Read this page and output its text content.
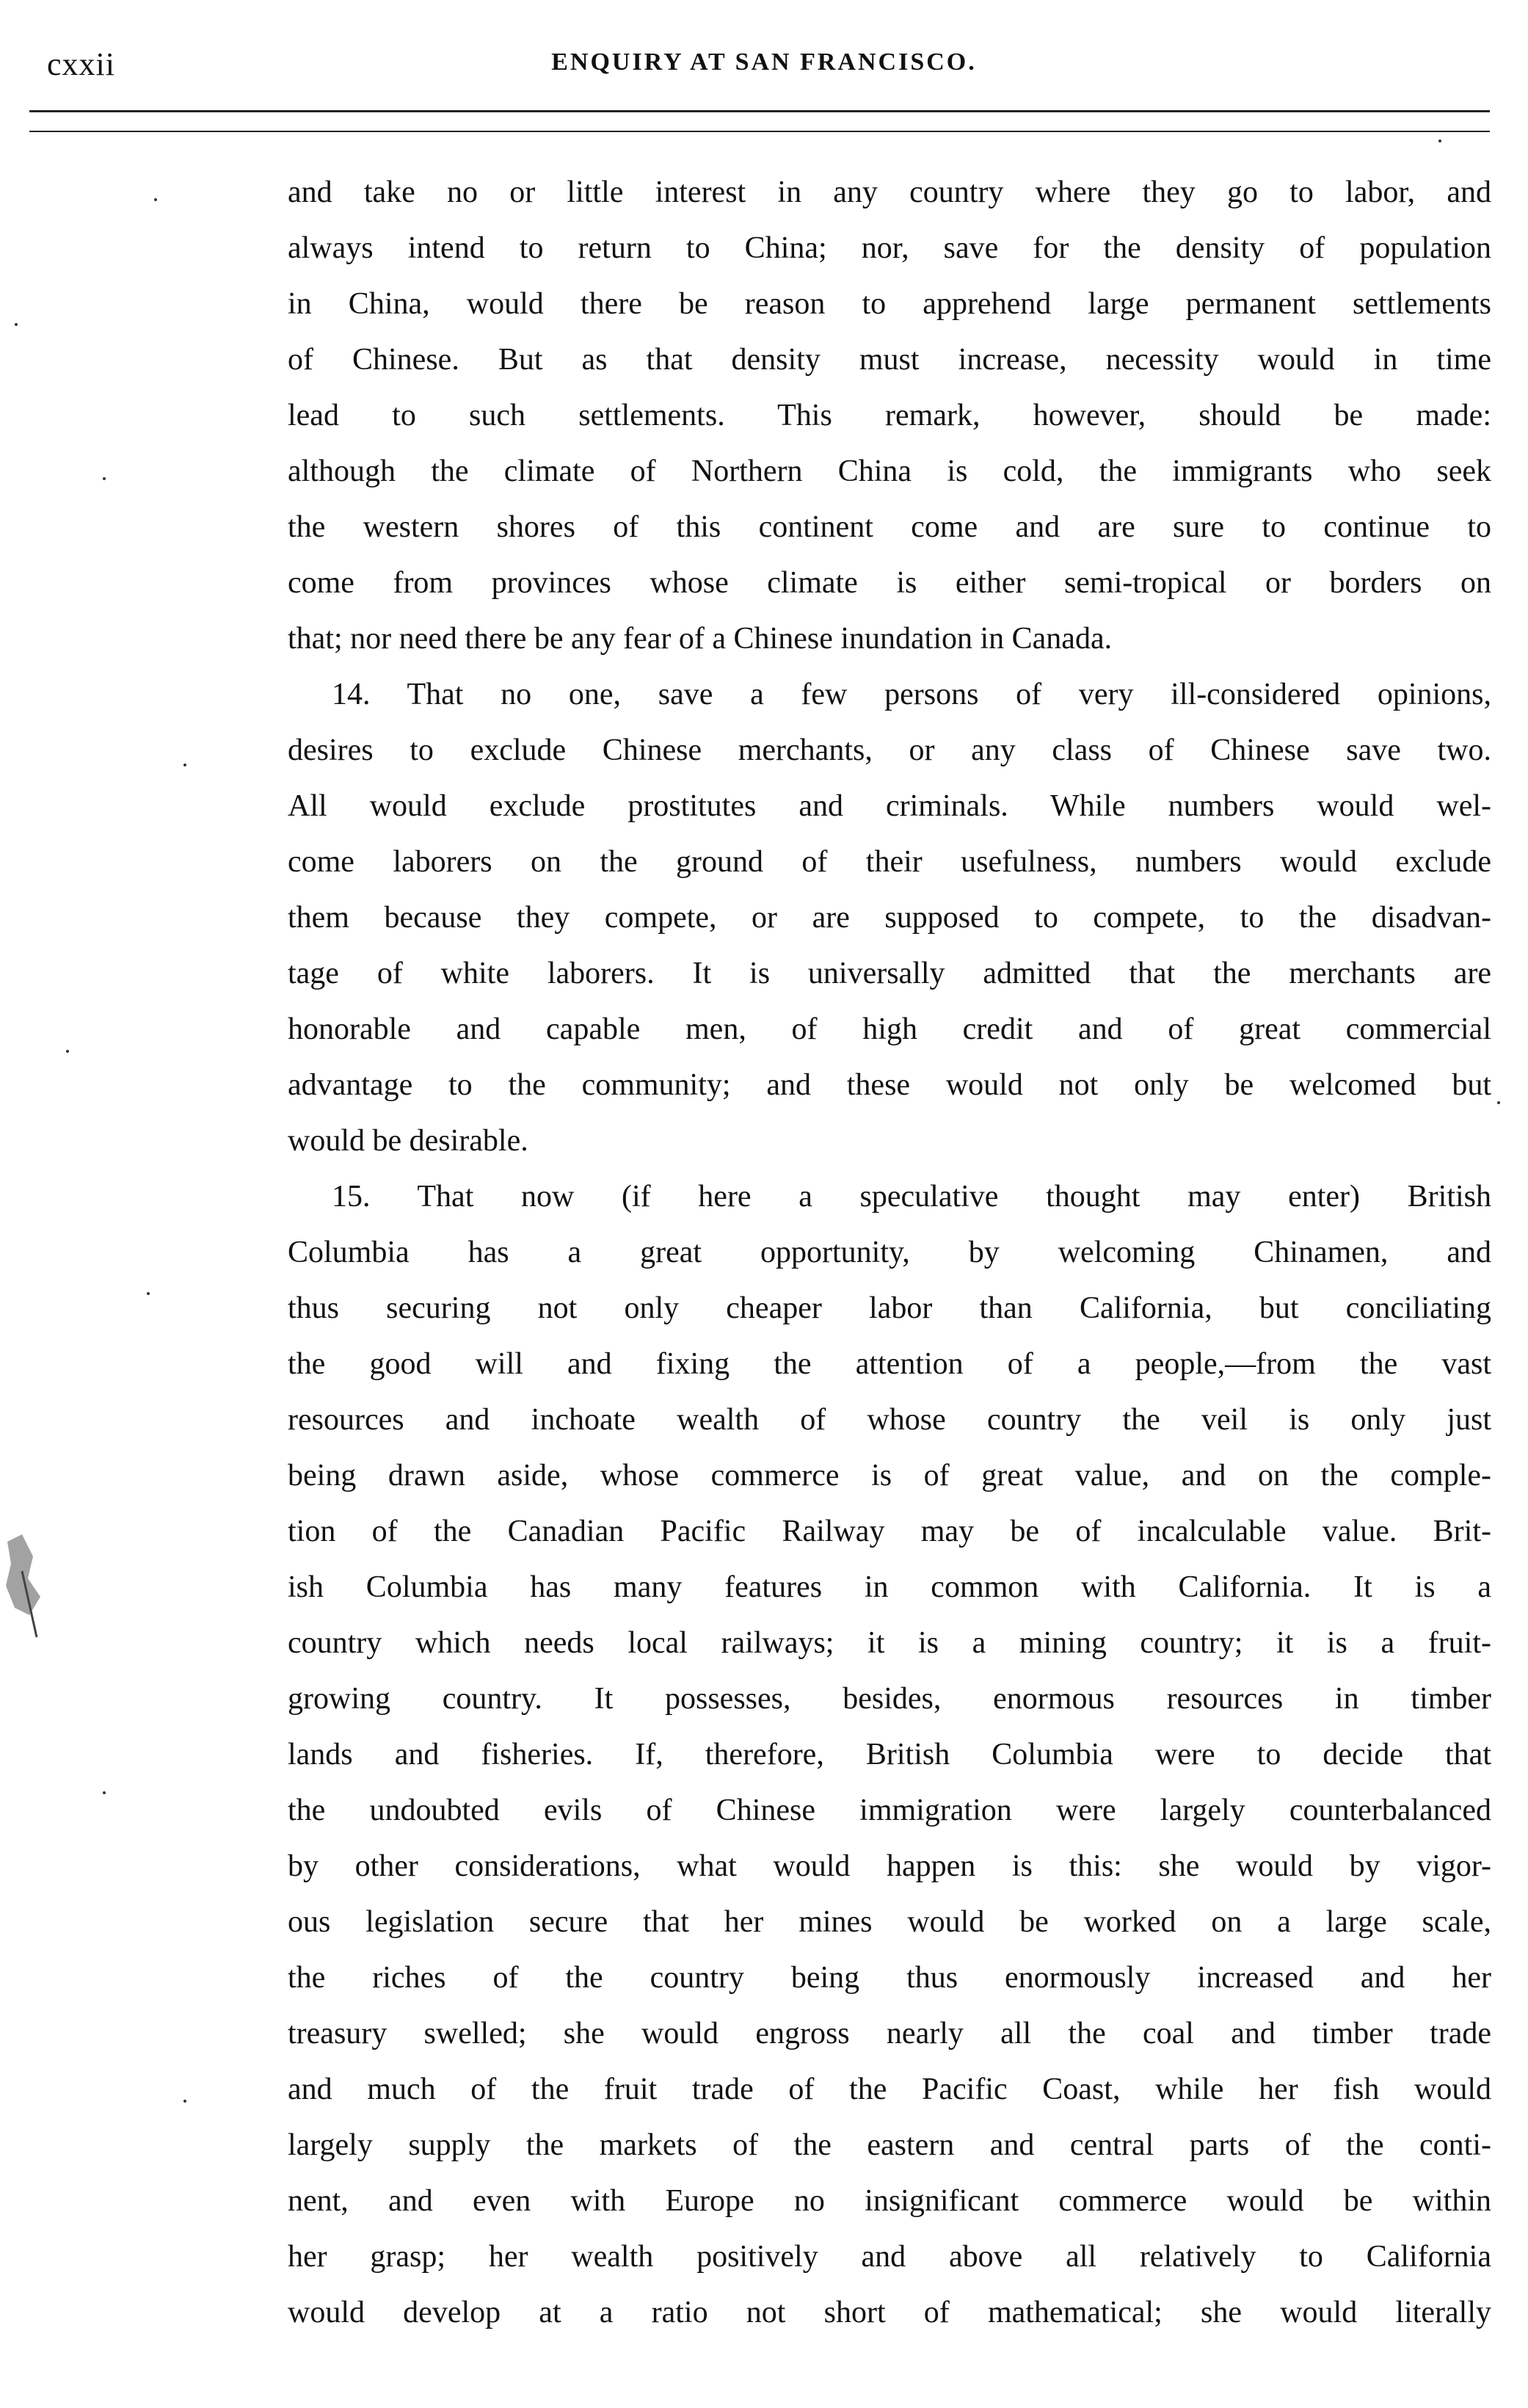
cxxii	ENQUIRY AT SAN FRANCISCO.
and take no or little interest in any country where they go to labor, and
always intend to return to China; nor, save for the density of population
in China, would there be reason to apprehend large permanent settlements
of Chinese. But as that density must increase, necessity would in time
lead to such settlements. This remark, however, should be made:
although the climate of Northern China is cold, the immigrants who seek
the western shores of this continent come and are sure to continue to
come from provinces whose climate is either semi-tropical or borders on
that; nor need there be any fear of a Chinese inundation in Canada.
14. That no one, save a few persons of very ill-considered opinions,
desires to exclude Chinese merchants, or any class of Chinese save two.
All would exclude prostitutes and criminals. While numbers would wel-
come laborers on the ground of their usefulness, numbers would exclude
them because they compete, or are supposed to compete, to the disadvan-
tage of white laborers. It is universally admitted that the merchants are
honorable and capable men, of high credit and of great commercial
advantage to the community; and these would not only be welcomed but
would be desirable.
15. That now (if here a speculative thought may enter) British
Columbia has a great opportunity, by welcoming Chinamen, and
thus securing not only cheaper labor than California, but conciliating
the good will and fixing the attention of a people,—from the vast
resources and inchoate wealth of whose country the veil is only just
being drawn aside, whose commerce is of great value, and on the comple-
tion of the Canadian Pacific Railway may be of incalculable value. Brit-
ish Columbia has many features in common with California. It is a
country which needs local railways; it is a mining country; it is a fruit-
growing country. It possesses, besides, enormous resources in timber
lands and fisheries. If, therefore, British Columbia were to decide that
the undoubted evils of Chinese immigration were largely counterbalanced
by other considerations, what would happen is this: she would by vigor-
ous legislation secure that her mines would be worked on a large scale,
the riches of the country being thus enormously increased and her
treasury swelled; she would engross nearly all the coal and timber trade
and much of the fruit trade of the Pacific Coast, while her fish would
largely supply the markets of the eastern and central parts of the conti-
nent, and even with Europe no insignificant commerce would be within
her grasp; her wealth positively and above all relatively to California
would develop at a ratio not short of mathematical; she would literally
